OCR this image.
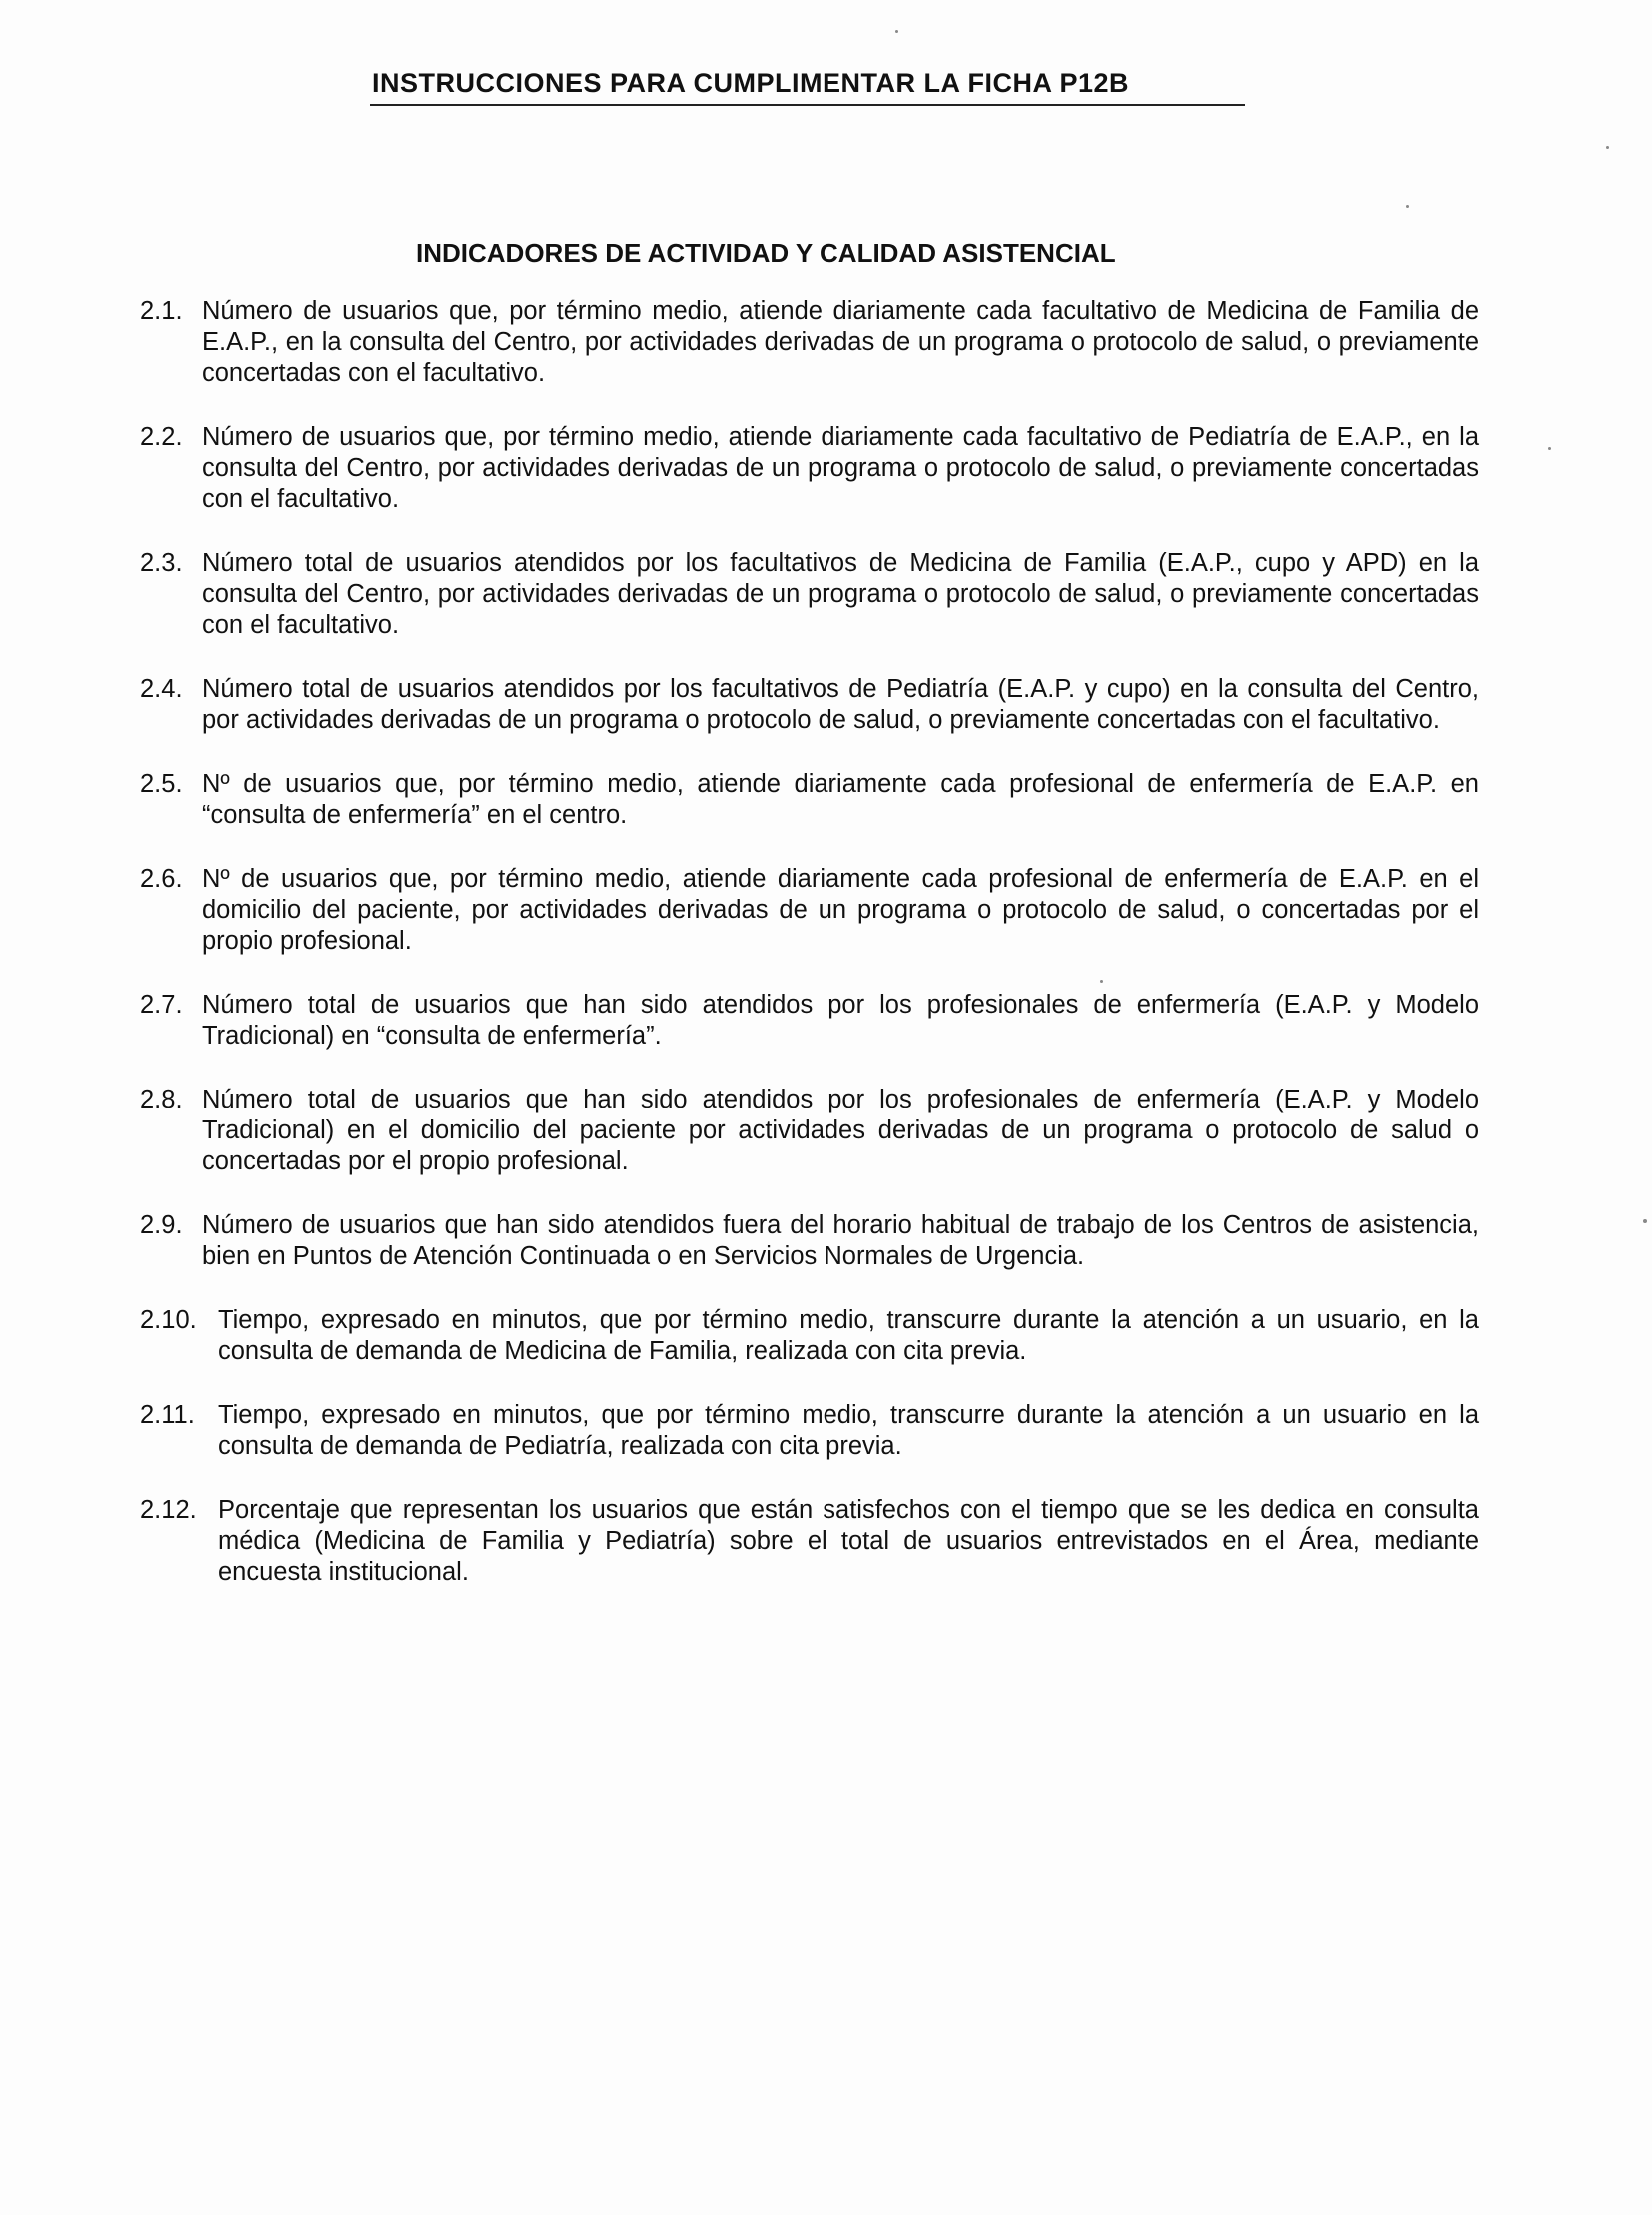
INSTRUCCIONES PARA CUMPLIMENTAR LA FICHA P12B
INDICADORES DE ACTIVIDAD Y CALIDAD ASISTENCIAL
2.1. Número de usuarios que, por término medio, atiende diariamente cada facultativo de Medicina de Familia de E.A.P., en la consulta del Centro, por actividades derivadas de un programa o protocolo de salud, o previamente concertadas con el facultativo.
2.2. Número de usuarios que, por término medio, atiende diariamente cada facultativo de Pediatría de E.A.P., en la consulta del Centro, por actividades derivadas de un programa o protocolo de salud, o previamente concertadas con el facultativo.
2.3. Número total de usuarios atendidos por los facultativos de Medicina de Familia (E.A.P., cupo y APD) en la consulta del Centro, por actividades derivadas de un programa o protocolo de salud, o previamente concertadas con el facultativo.
2.4. Número total de usuarios atendidos por los facultativos de Pediatría (E.A.P. y cupo) en la consulta del Centro, por actividades derivadas de un programa o protocolo de salud, o previamente concertadas con el facultativo.
2.5. Nº de usuarios que, por término medio, atiende diariamente cada profesional de enfermería de E.A.P. en “consulta de enfermería” en el centro.
2.6. Nº de usuarios que, por término medio, atiende diariamente cada profesional de enfermería de E.A.P. en el domicilio del paciente, por actividades derivadas de un programa o protocolo de salud, o concertadas por el propio profesional.
2.7. Número total de usuarios que han sido atendidos por los profesionales de enfermería (E.A.P. y Modelo Tradicional) en “consulta de enfermería”.
2.8. Número total de usuarios que han sido atendidos por los profesionales de enfermería (E.A.P. y Modelo Tradicional) en el domicilio del paciente por actividades derivadas de un programa o protocolo de salud o concertadas por el propio profesional.
2.9. Número de usuarios que han sido atendidos fuera del horario habitual de trabajo de los Centros de asistencia, bien en Puntos de Atención Continuada o en Servicios Normales de Urgencia.
2.10. Tiempo, expresado en minutos, que por término medio, transcurre durante la atención a un usuario, en la consulta de demanda de Medicina de Familia, realizada con cita previa.
2.11. Tiempo, expresado en minutos, que por término medio, transcurre durante la atención a un usuario en la consulta de demanda de Pediatría, realizada con cita previa.
2.12. Porcentaje que representan los usuarios que están satisfechos con el tiempo que se les dedica en consulta médica (Medicina de Familia y Pediatría) sobre el total de usuarios entrevistados en el Área, mediante encuesta institucional.
